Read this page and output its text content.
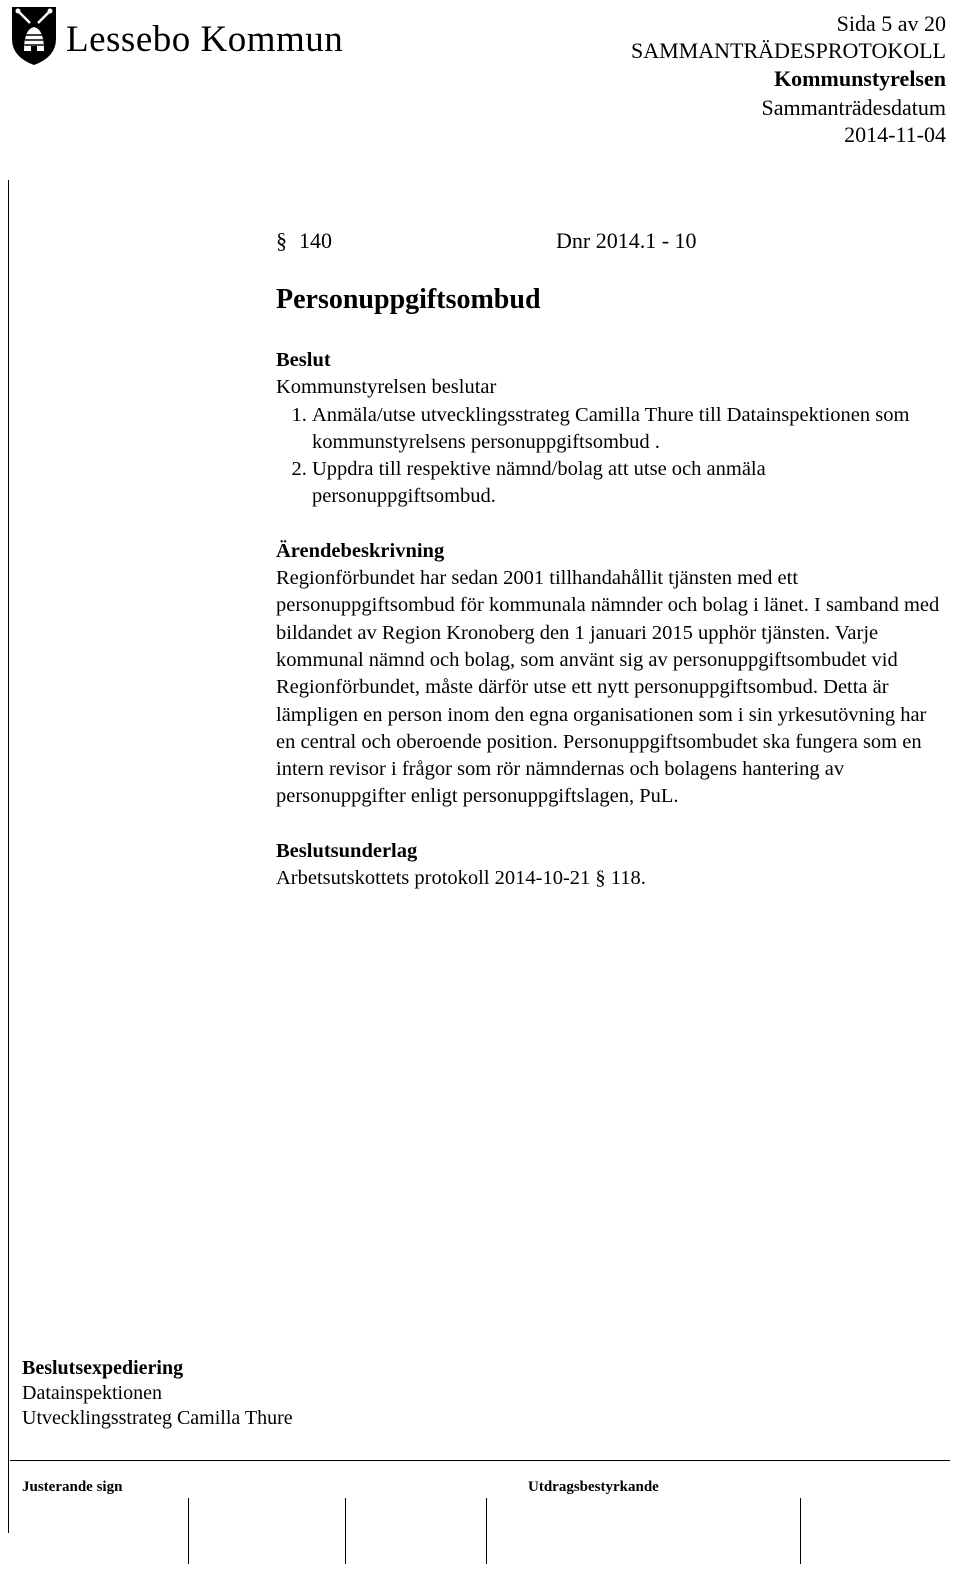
Lessebo Kommun	Sida 5 av 20
SAMMANTRÄDESPROTOKOLL
Kommunstyrelsen
Sammanträdesdatum
2014-11-04
§ 140	Dnr 2014.1 - 10
Personuppgiftsombud
Beslut
Kommunstyrelsen beslutar
1. Anmäla/utse utvecklingsstrateg Camilla Thure till Datainspektionen som kommunstyrelsens personuppgiftsombud .
2. Uppdra till respektive nämnd/bolag att utse och anmäla personuppgiftsombud.
Ärendebeskrivning

Regionförbundet har sedan 2001 tillhandahållit tjänsten med ett personuppgiftsombud för kommunala nämnder och bolag i länet. I samband med bildandet av Region Kronoberg den 1 januari 2015 upphör tjänsten. Varje kommunal nämnd och bolag, som använt sig av personuppgiftsombudet vid Regionförbundet, måste därför utse ett nytt personuppgiftsombud. Detta är lämpligen en person inom den egna organisationen som i sin yrkesutövning har en central och oberoende position. Personuppgiftsombudet ska fungera som en intern revisor i frågor som rör nämndernas och bolagens hantering av personuppgifter enligt personuppgiftslagen, PuL.

Beslutsunderlag
Arbetsutskottets protokoll 2014-10-21 § 118.
Beslutsexpediering
Datainspektionen
Utvecklingsstrateg Camilla Thure
Justerande sign	Utdragsbestyrkande
